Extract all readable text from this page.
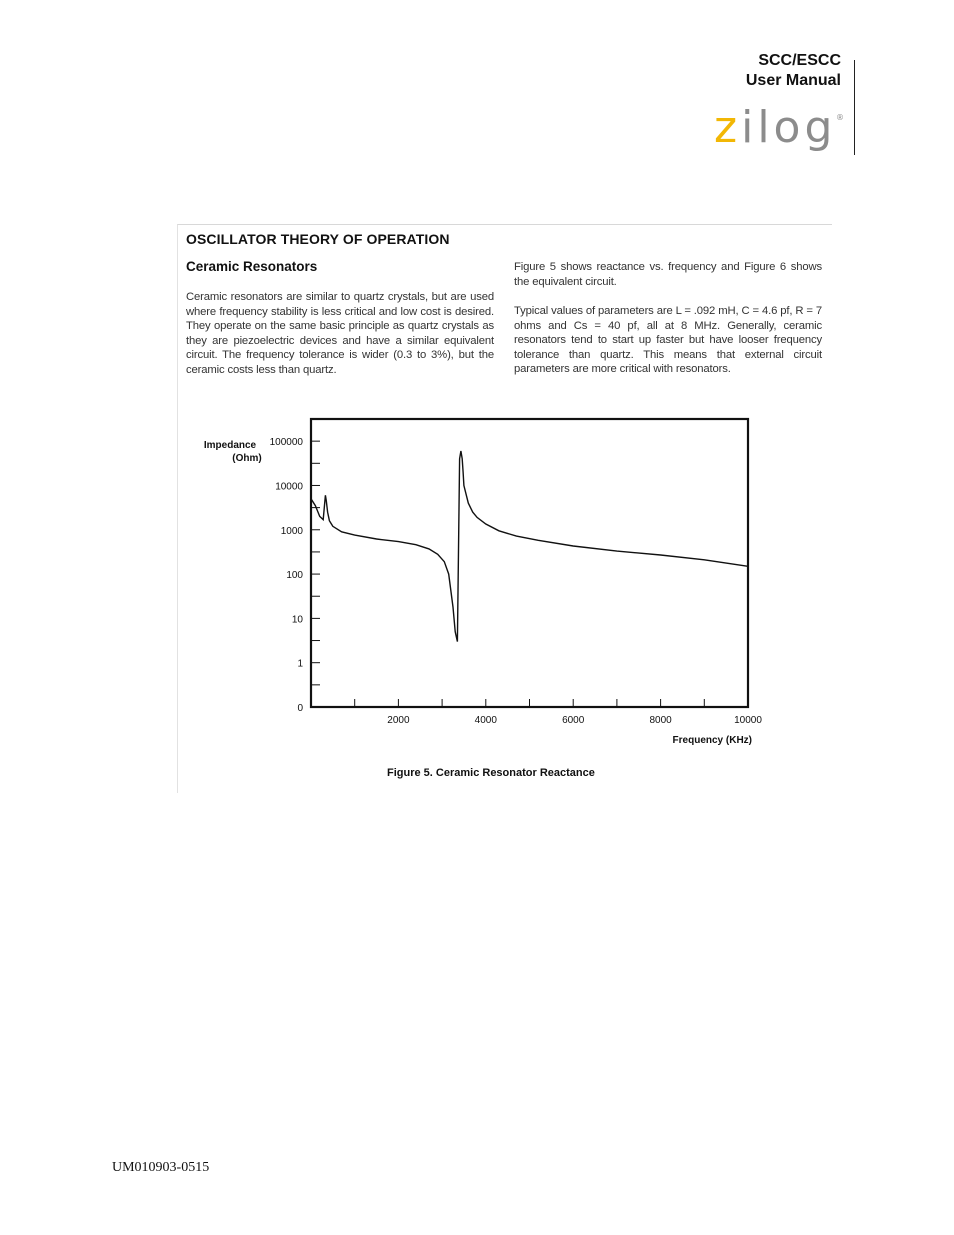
SCC/ESCC
User Manual
zilog ®
OSCILLATOR THEORY OF OPERATION
Ceramic Resonators
Ceramic resonators are similar to quartz crystals, but are used where frequency stability is less critical and low cost is desired. They operate on the same basic principle as quartz crystals as they are piezoelectric devices and have a similar equivalent circuit. The frequency tolerance is wider (0.3 to 3%), but the ceramic costs less than quartz.
Figure 5 shows reactance vs. frequency and Figure 6 shows the equivalent circuit.
Typical values of parameters are L = .092 mH, C = 4.6 pf, R = 7 ohms and Cs = 40 pf, all at 8 MHz. Generally, ceramic resonators tend to start up faster but have looser frequency tolerance than quartz. This means that external circuit parameters are more critical with resonators.
0
1
10
100
1000
10000
100000
2000	4000	6000	8000	10000
Impedance
(Ohm)
Frequency (KHz)
Figure 5. Ceramic Resonator Reactance
UM010903-0515
